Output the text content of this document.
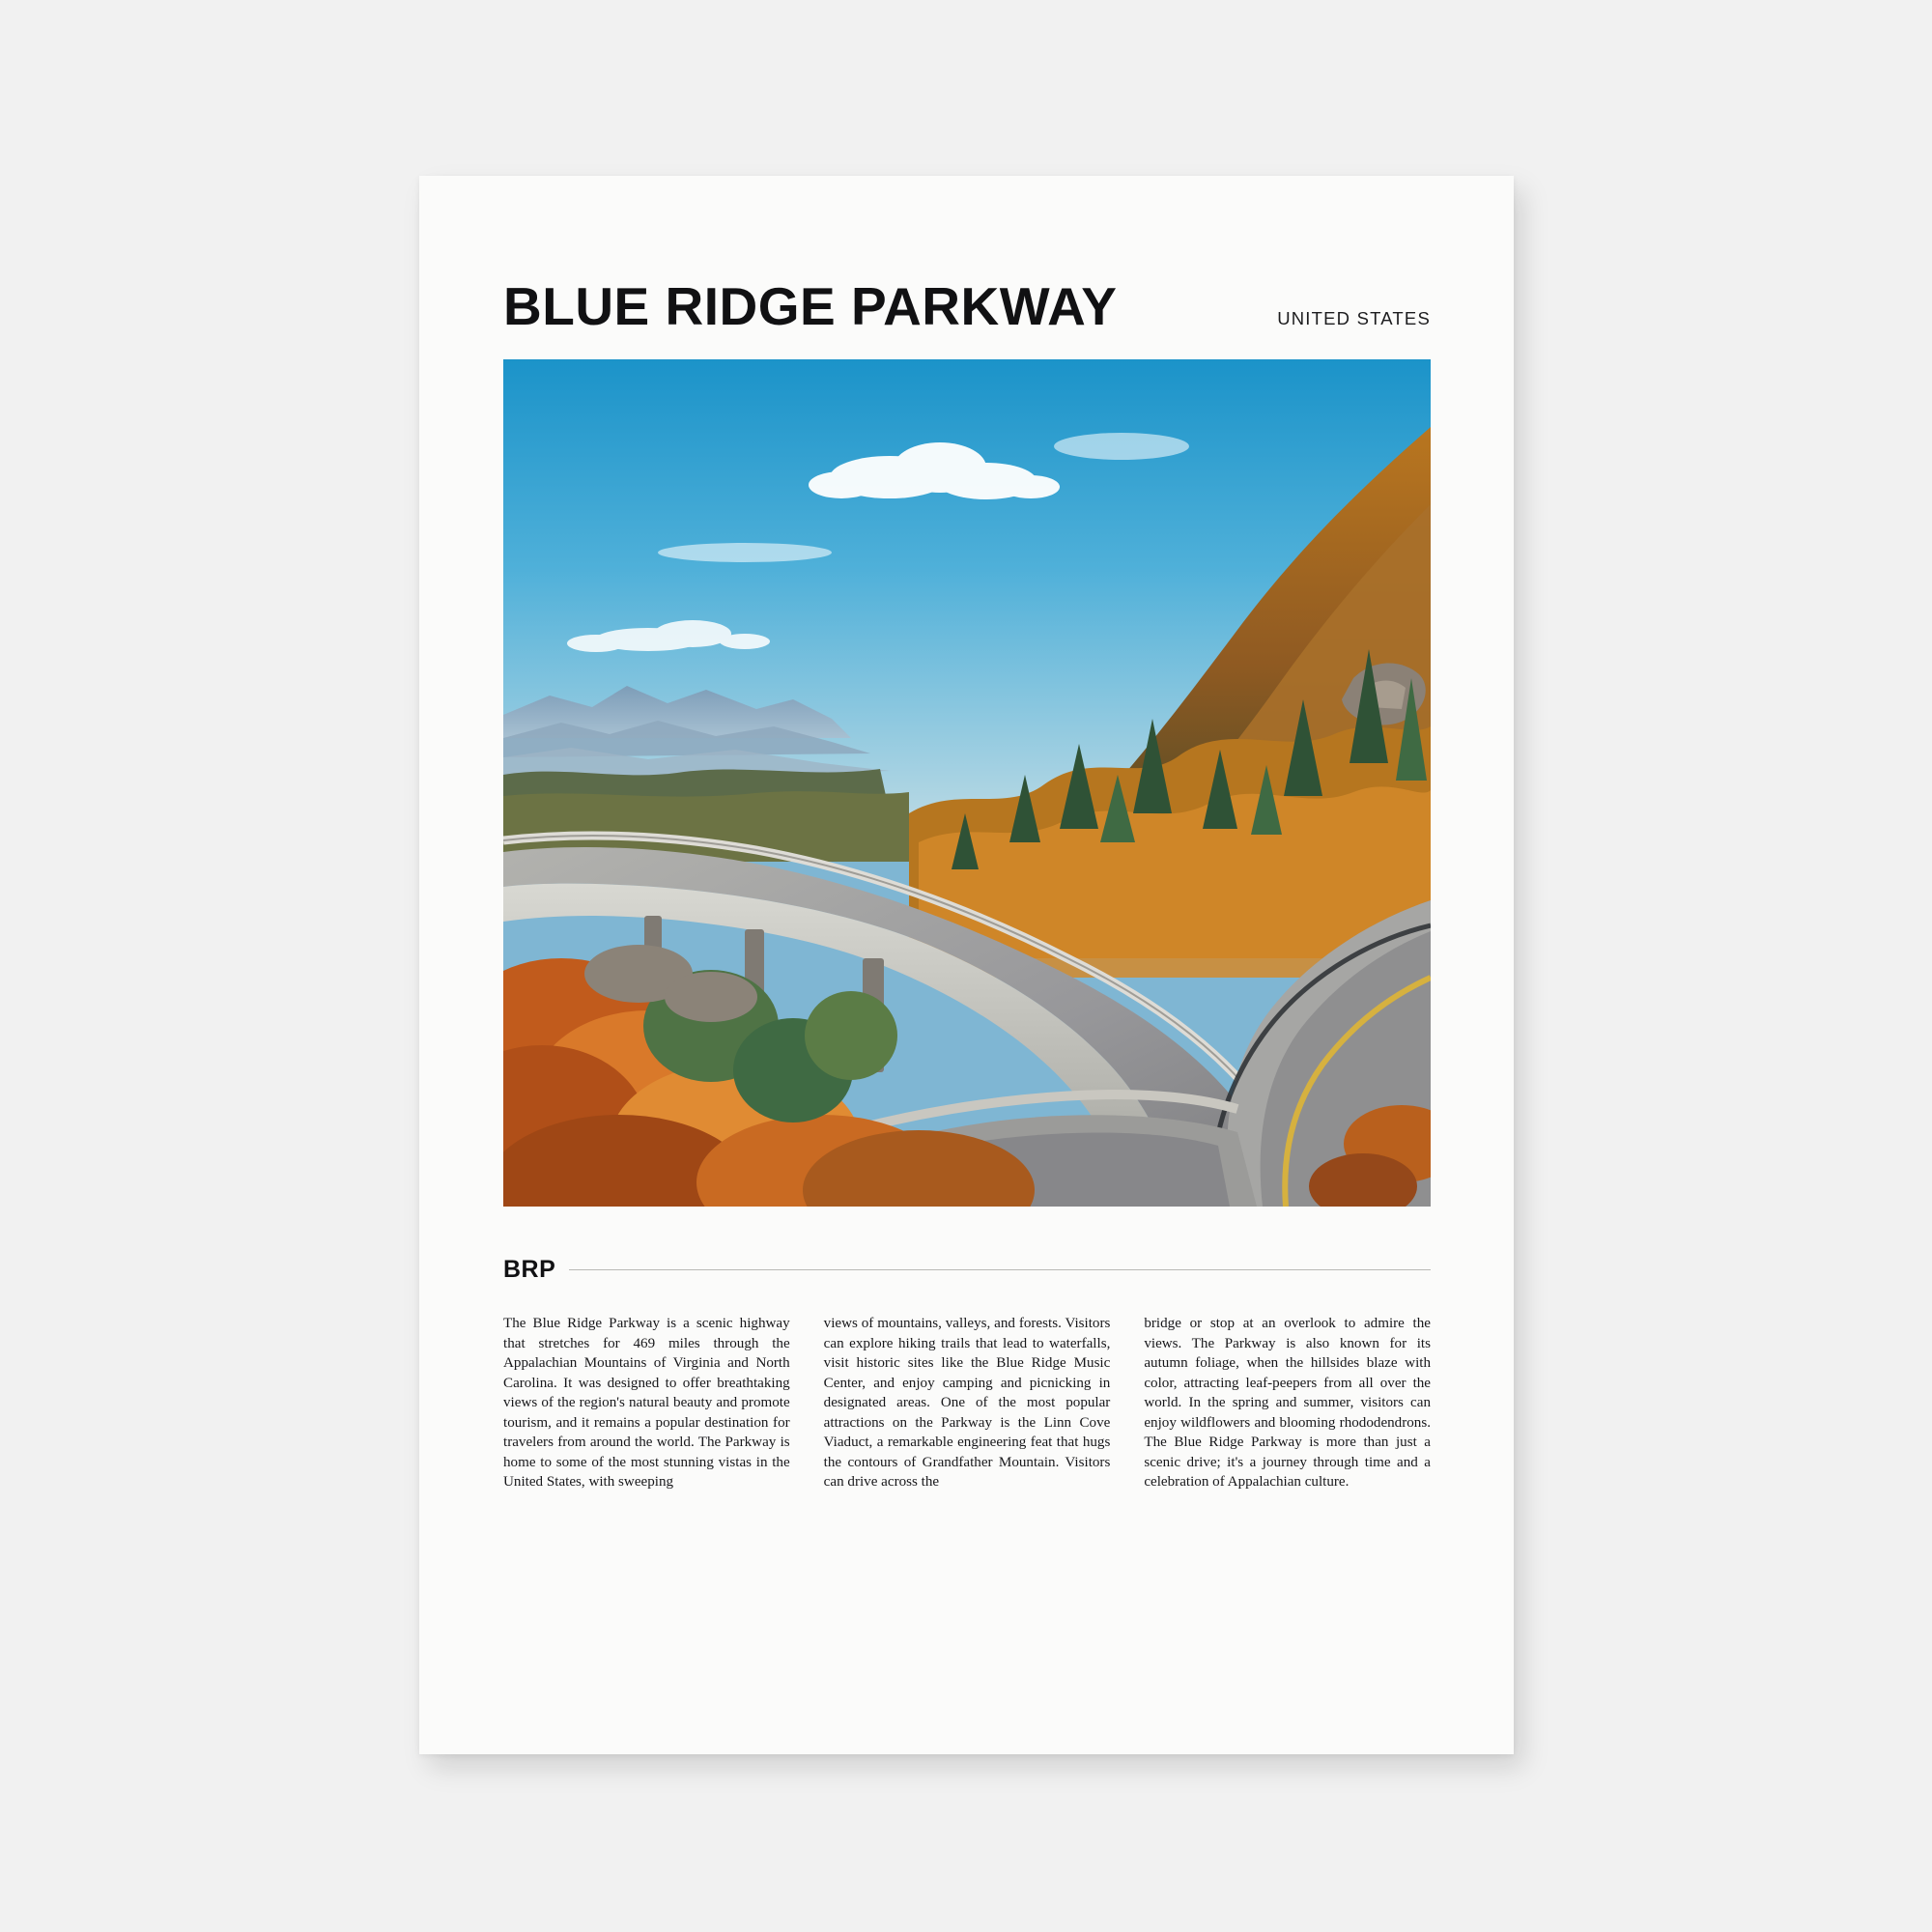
BLUE RIDGE PARKWAY	UNITED STATES
BRP
The Blue Ridge Parkway is a scenic highway that stretches for 469 miles through the Appalachian Mountains of Virginia and North Carolina. It was designed to offer breathtaking views of the region's natural beauty and promote tourism, and it remains a popular destination for travelers from around the world. The Parkway is home to some of the most stunning vistas in the United States, with sweeping
views of mountains, valleys, and forests. Visitors can explore hiking trails that lead to waterfalls, visit historic sites like the Blue Ridge Music Center, and enjoy camping and picnicking in designated areas. One of the most popular attractions on the Parkway is the Linn Cove Viaduct, a remarkable engineering feat that hugs the contours of Grandfather Mountain. Visitors can drive across the
bridge or stop at an overlook to admire the views. The Parkway is also known for its autumn foliage, when the hillsides blaze with color, attracting leaf-peepers from all over the world. In the spring and summer, visitors can enjoy wildflowers and blooming rhododendrons. The Blue Ridge Parkway is more than just a scenic drive; it's a journey through time and a celebration of Appalachian culture.
